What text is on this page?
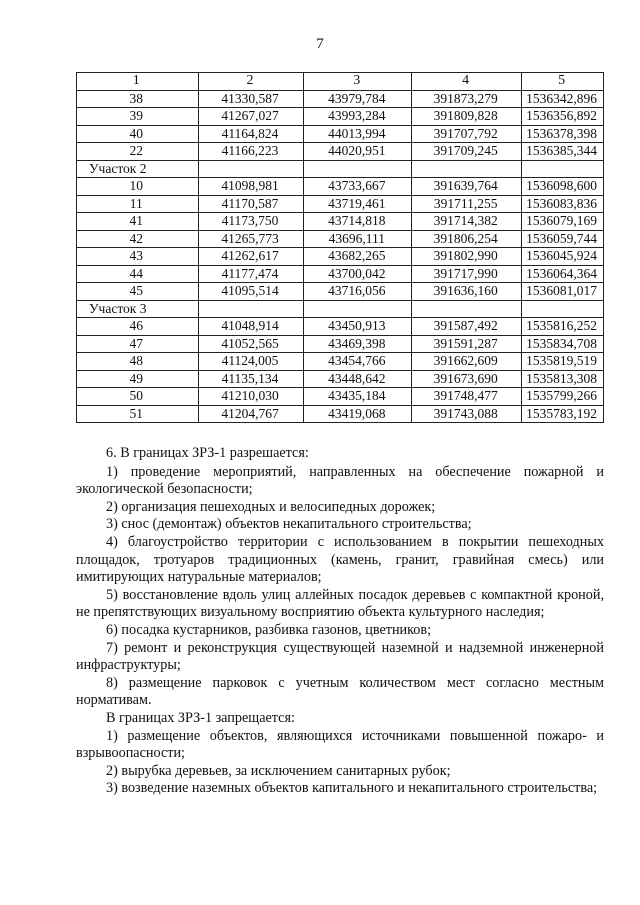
7
1	2	3	4	5
38	41330,587	43979,784	391873,279	1536342,896
39	41267,027	43993,284	391809,828	1536356,892
40	41164,824	44013,994	391707,792	1536378,398
22	41166,223	44020,951	391709,245	1536385,344
Участок 2				
10	41098,981	43733,667	391639,764	1536098,600
11	41170,587	43719,461	391711,255	1536083,836
41	41173,750	43714,818	391714,382	1536079,169
42	41265,773	43696,111	391806,254	1536059,744
43	41262,617	43682,265	391802,990	1536045,924
44	41177,474	43700,042	391717,990	1536064,364
45	41095,514	43716,056	391636,160	1536081,017
Участок 3				
46	41048,914	43450,913	391587,492	1535816,252
47	41052,565	43469,398	391591,287	1535834,708
48	41124,005	43454,766	391662,609	1535819,519
49	41135,134	43448,642	391673,690	1535813,308
50	41210,030	43435,184	391748,477	1535799,266
51	41204,767	43419,068	391743,088	1535783,192

6. В границах ЗРЗ-1 разрешается:

1) проведение мероприятий, направленных на обеспечение пожарной и экологической безопасности;

2) организация пешеходных и велосипедных дорожек;

3) снос (демонтаж) объектов некапитального строительства;

4) благоустройство территории с использованием в покрытии пешеходных площадок, тротуаров традиционных (камень, гранит, гравийная смесь) или имитирующих натуральные материалов;

5) восстановление вдоль улиц аллейных посадок деревьев с компактной кроной, не препятствующих визуальному восприятию объекта культурного наследия;

6) посадка кустарников, разбивка газонов, цветников;

7) ремонт и реконструкция существующей наземной и надземной инженерной инфраструктуры;

8) размещение парковок с учетным количеством мест согласно местным нормативам.

В границах ЗРЗ-1 запрещается:

1) размещение объектов, являющихся источниками повышенной пожаро- и взрывоопасности;

2) вырубка деревьев, за исключением санитарных рубок;

3) возведение наземных объектов капитального и некапитального строительства;
